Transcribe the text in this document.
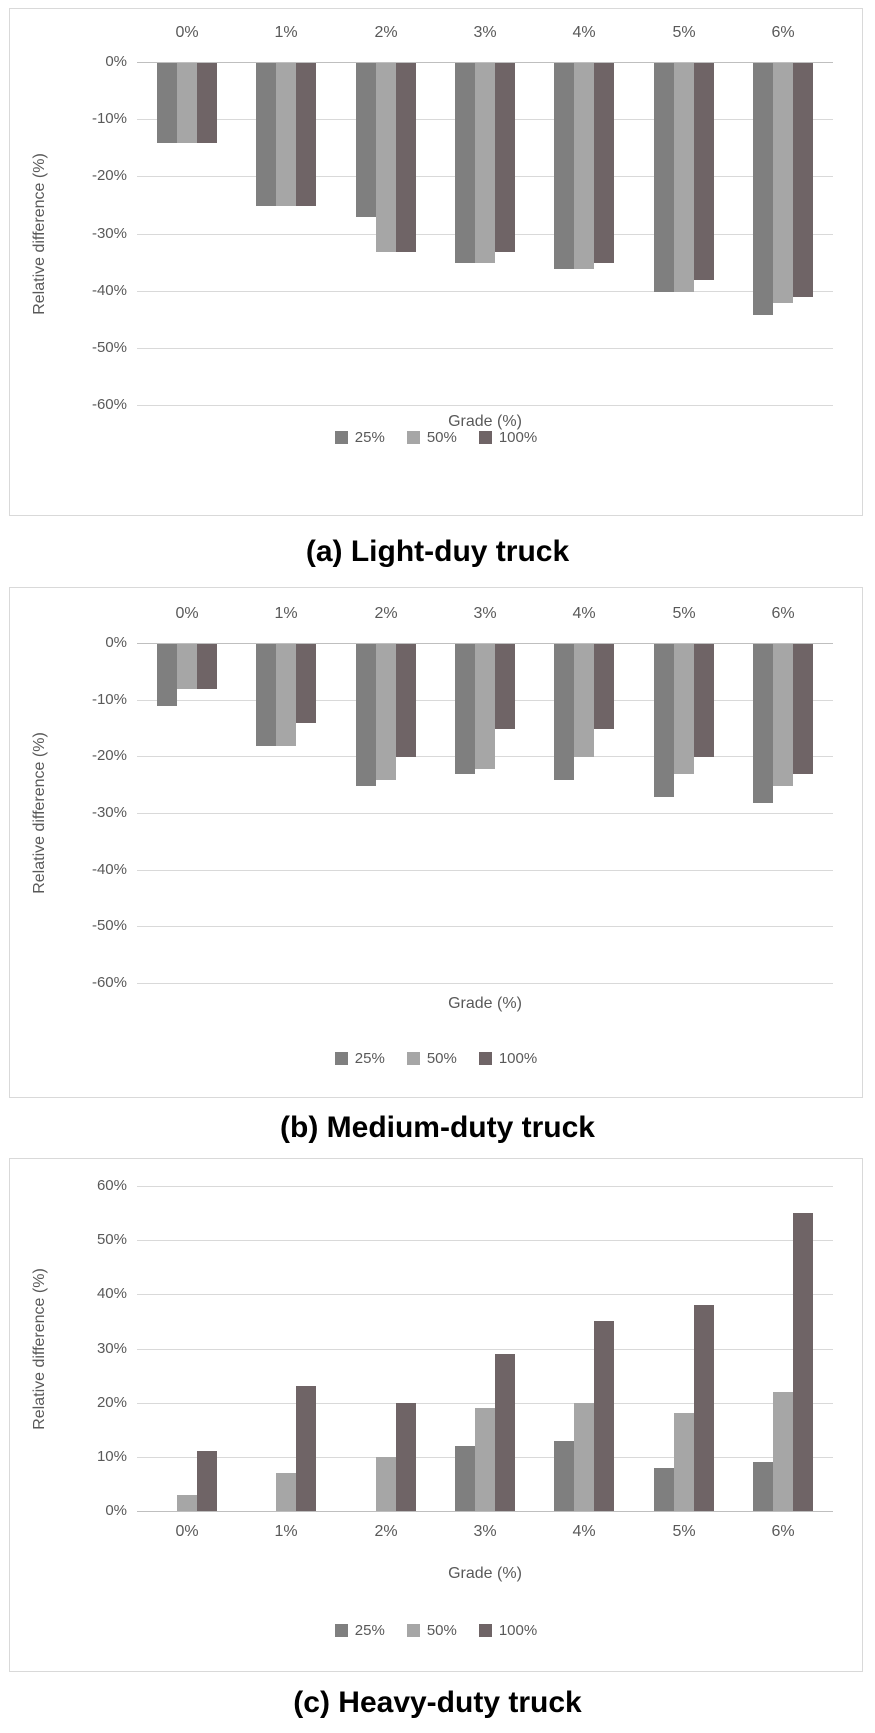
Relative difference (%)
Grade (%)
25%	50%	100%
0%
-10%
-20%
-30%
-40%
-50%
-60%
0%	1%	2%	3%	4%	5%	6%
(a) Light-duy truck
Relative difference (%)
Grade (%)
25%	50%	100%
0%
-10%
-20%
-30%
-40%
-50%
-60%
0%	1%	2%	3%	4%	5%	6%
(b) Medium-duty truck
Relative difference (%)
Grade (%)
25%	50%	100%
60%
50%
40%
30%
20%
10%
0%
0%	1%	2%	3%	4%	5%	6%
(c) Heavy-duty truck
